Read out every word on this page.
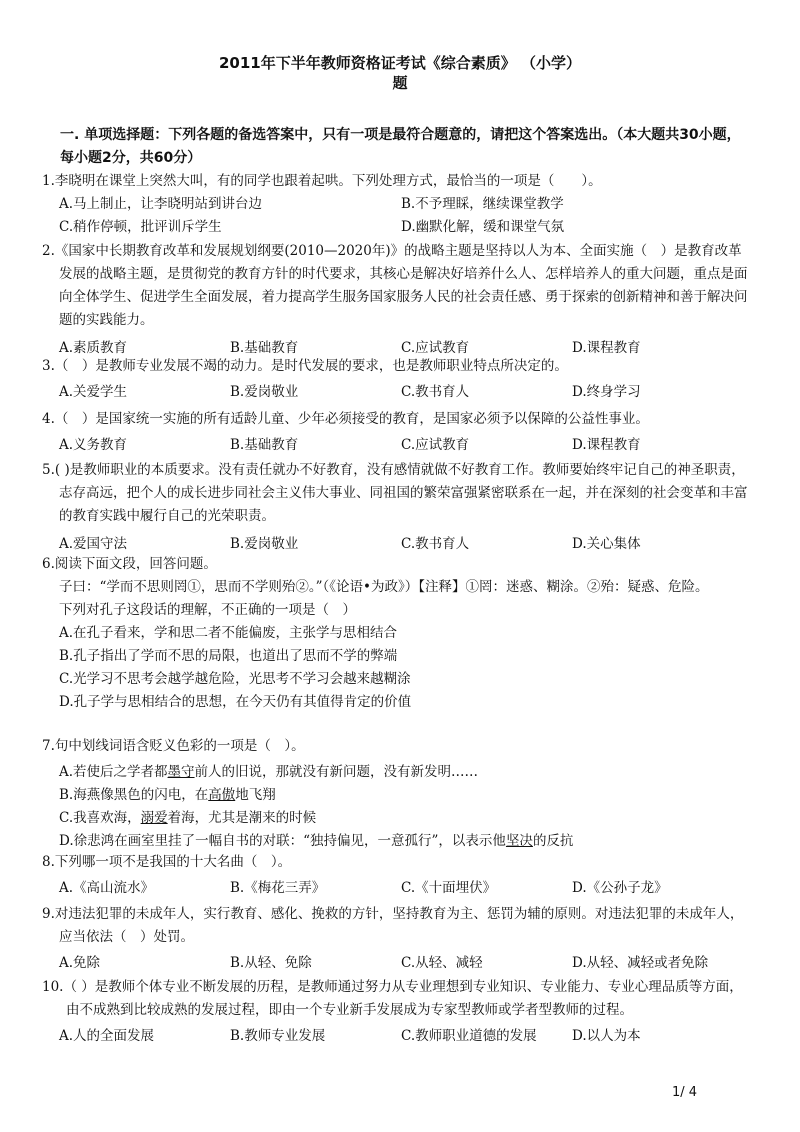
2011年下半年教师资格证考试《综合素质》 （小学）
题
一. 单项选择题：下列各题的备选答案中，只有一项是最符合题意的，请把这个答案选出。（本大题共30小题，每小题2分，共60分）
1.李晓明在课堂上突然大叫，有的同学也跟着起哄。下列处理方式，最恰当的一项是（　　）。
A.马上制止，让李晓明站到讲台边	B.不予理睬，继续课堂教学
C.稍作停顿，批评训斥学生	D.幽默化解，缓和课堂气氛
2.《国家中长期教育改革和发展规划纲要(2010—2020年)》的战略主题是坚持以人为本、全面实施（　）是教育改革发展的战略主题，是贯彻党的教育方针的时代要求，其核心是解决好培养什么人、怎样培养人的重大问题，重点是面向全体学生、促进学生全面发展，着力提高学生服务国家服务人民的社会责任感、勇于探索的创新精神和善于解决问题的实践能力。
A.素质教育	B.基础教育	C.应试教育	D.课程教育
3.（　）是教师专业发展不竭的动力。是时代发展的要求，也是教师职业特点所决定的。
A.关爱学生	B.爱岗敬业	C.教书育人	D.终身学习
4.（　）是国家统一实施的所有适龄儿童、少年必须接受的教育，是国家必须予以保障的公益性事业。
A.义务教育	B.基础教育	C.应试教育	D.课程教育
5.( )是教师职业的本质要求。没有责任就办不好教育，没有感情就做不好教育工作。教师要始终牢记自己的神圣职责，志存高远，把个人的成长进步同社会主义伟大事业、同祖国的繁荣富强紧密联系在一起，并在深刻的社会变革和丰富的教育实践中履行自己的光荣职责。
A.爱国守法	B.爱岗敬业	C.教书育人	D.关心集体
6.阅读下面文段，回答问题。
子曰：“学而不思则罔①，思而不学则殆②。”（《论语•为政》）【注释】①罔：迷惑、糊涂。②殆：疑惑、危险。
下列对孔子这段话的理解，不正确的一项是（　）
A.在孔子看来，学和思二者不能偏废，主张学与思相结合
B.孔子指出了学而不思的局限，也道出了思而不学的弊端
C.光学习不思考会越学越危险，光思考不学习会越来越糊涂
D.孔子学与思相结合的思想，在今天仍有其值得肯定的价值
7.句中划线词语含贬义色彩的一项是（　）。
A.若使后之学者都墨守前人的旧说，那就没有新问题，没有新发明……
B.海燕像黑色的闪电，在高傲地飞翔
C.我喜欢海，溺爱着海，尤其是潮来的时候
D.徐悲鸿在画室里挂了一幅自书的对联：“独持偏见，一意孤行”，以表示他坚决的反抗
8.下列哪一项不是我国的十大名曲（　）。
A.《高山流水》	B.《梅花三弄》	C.《十面埋伏》	D.《公孙子龙》
9.对违法犯罪的未成年人，实行教育、感化、挽救的方针，坚持教育为主、惩罚为辅的原则。对违法犯罪的未成年人，应当依法（　）处罚。
A.免除	B.从轻、免除	C.从轻、减轻	D.从轻、减轻或者免除
10.（ ）是教师个体专业不断发展的历程，是教师通过努力从专业理想到专业知识、专业能力、专业心理品质等方面，由不成熟到比较成熟的发展过程，即由一个专业新手发展成为专家型教师或学者型教师的过程。
A.人的全面发展	B.教师专业发展	C.教师职业道德的发展	D.以人为本
1/ 4
